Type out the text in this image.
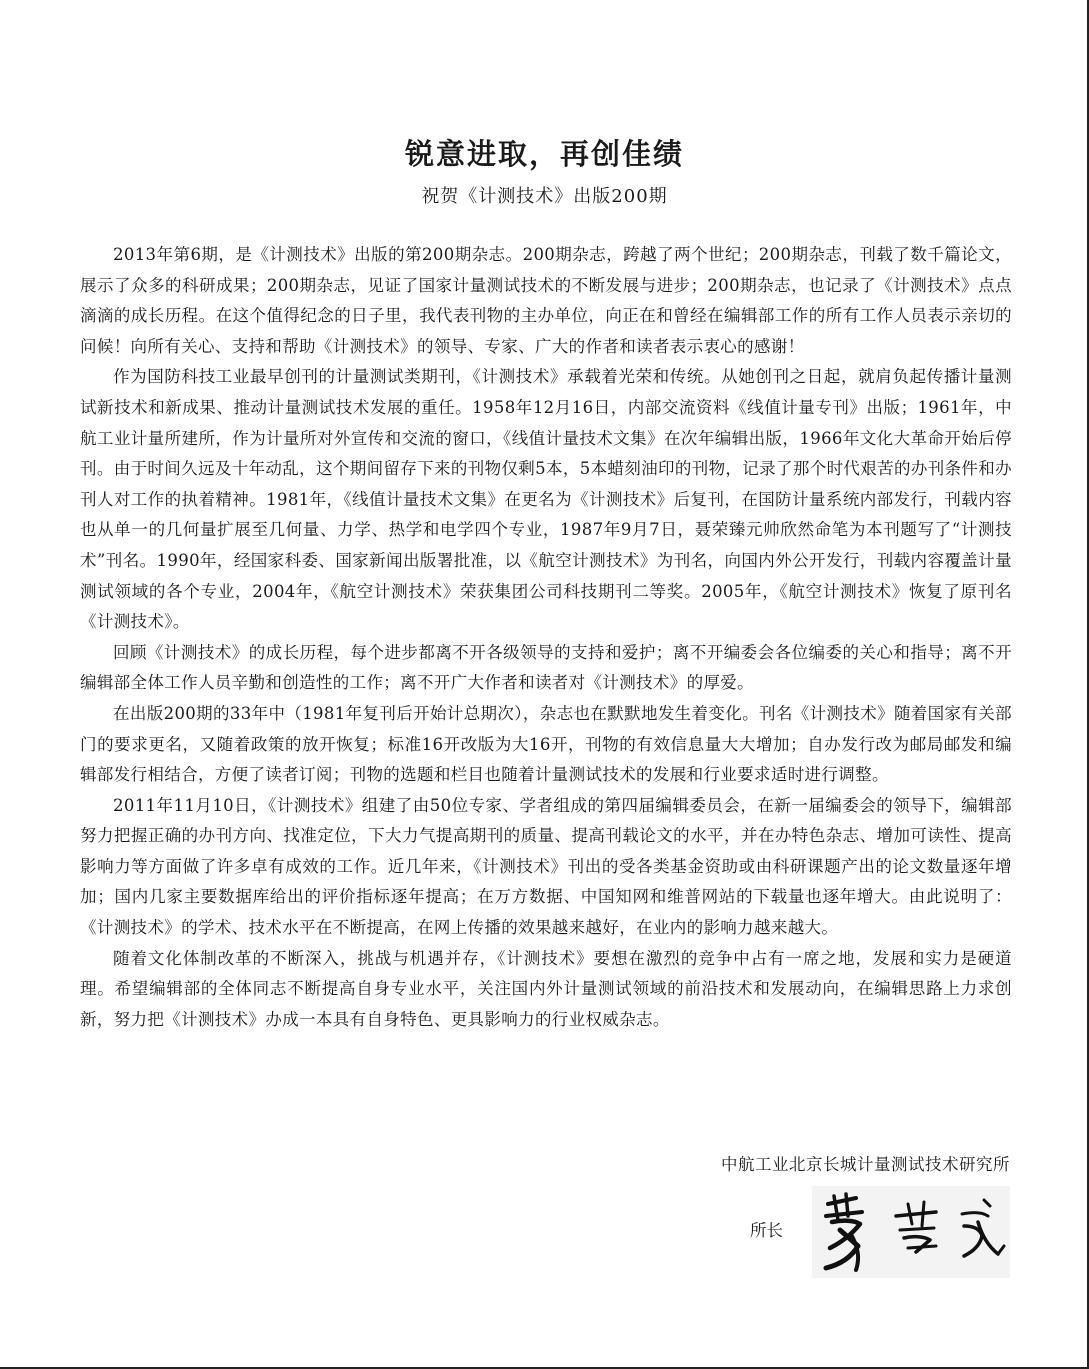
锐意进取，再创佳绩
祝贺《计测技术》出版200期

2013年第6期，是《计测技术》出版的第200期杂志。200期杂志，跨越了两个世纪；200期杂志，刊载了数千篇论文，展示了众多的科研成果；200期杂志，见证了国家计量测试技术的不断发展与进步；200期杂志，也记录了《计测技术》点点滴滴的成长历程。在这个值得纪念的日子里，我代表刊物的主办单位，向正在和曾经在编辑部工作的所有工作人员表示亲切的问候！向所有关心、支持和帮助《计测技术》的领导、专家、广大的作者和读者表示衷心的感谢！

作为国防科技工业最早创刊的计量测试类期刊，《计测技术》承载着光荣和传统。从她创刊之日起，就肩负起传播计量测试新技术和新成果、推动计量测试技术发展的重任。1958年12月16日，内部交流资料《线值计量专刊》出版；1961年，中航工业计量所建所，作为计量所对外宣传和交流的窗口，《线值计量技术文集》在次年编辑出版，1966年文化大革命开始后停刊。由于时间久远及十年动乱，这个期间留存下来的刊物仅剩5本，5本蜡刻油印的刊物，记录了那个时代艰苦的办刊条件和办刊人对工作的执着精神。1981年，《线值计量技术文集》在更名为《计测技术》后复刊，在国防计量系统内部发行，刊载内容也从单一的几何量扩展至几何量、力学、热学和电学四个专业，1987年9月7日，聂荣臻元帅欣然命笔为本刊题写了“计测技术”刊名。1990年，经国家科委、国家新闻出版署批准，以《航空计测技术》为刊名，向国内外公开发行，刊载内容覆盖计量测试领域的各个专业，2004年，《航空计测技术》荣获集团公司科技期刊二等奖。2005年，《航空计测技术》恢复了原刊名《计测技术》。

回顾《计测技术》的成长历程，每个进步都离不开各级领导的支持和爱护；离不开编委会各位编委的关心和指导；离不开编辑部全体工作人员辛勤和创造性的工作；离不开广大作者和读者对《计测技术》的厚爱。

在出版200期的33年中（1981年复刊后开始计总期次），杂志也在默默地发生着变化。刊名《计测技术》随着国家有关部门的要求更名，又随着政策的放开恢复；标准16开改版为大16开，刊物的有效信息量大大增加；自办发行改为邮局邮发和编辑部发行相结合，方便了读者订阅；刊物的选题和栏目也随着计量测试技术的发展和行业要求适时进行调整。

2011年11月10日，《计测技术》组建了由50位专家、学者组成的第四届编辑委员会，在新一届编委会的领导下，编辑部努力把握正确的办刊方向、找准定位，下大力气提高期刊的质量、提高刊载论文的水平，并在办特色杂志、增加可读性、提高影响力等方面做了许多卓有成效的工作。近几年来，《计测技术》刊出的受各类基金资助或由科研课题产出的论文数量逐年增加；国内几家主要数据库给出的评价指标逐年提高；在万方数据、中国知网和维普网站的下载量也逐年增大。由此说明了：《计测技术》的学术、技术水平在不断提高，在网上传播的效果越来越好，在业内的影响力越来越大。

随着文化体制改革的不断深入，挑战与机遇并存，《计测技术》要想在激烈的竞争中占有一席之地，发展和实力是硬道理。希望编辑部的全体同志不断提高自身专业水平，关注国内外计量测试领域的前沿技术和发展动向，在编辑思路上力求创新，努力把《计测技术》办成一本具有自身特色、更具影响力的行业权威杂志。

中航工业北京长城计量测试技术研究所

所长
